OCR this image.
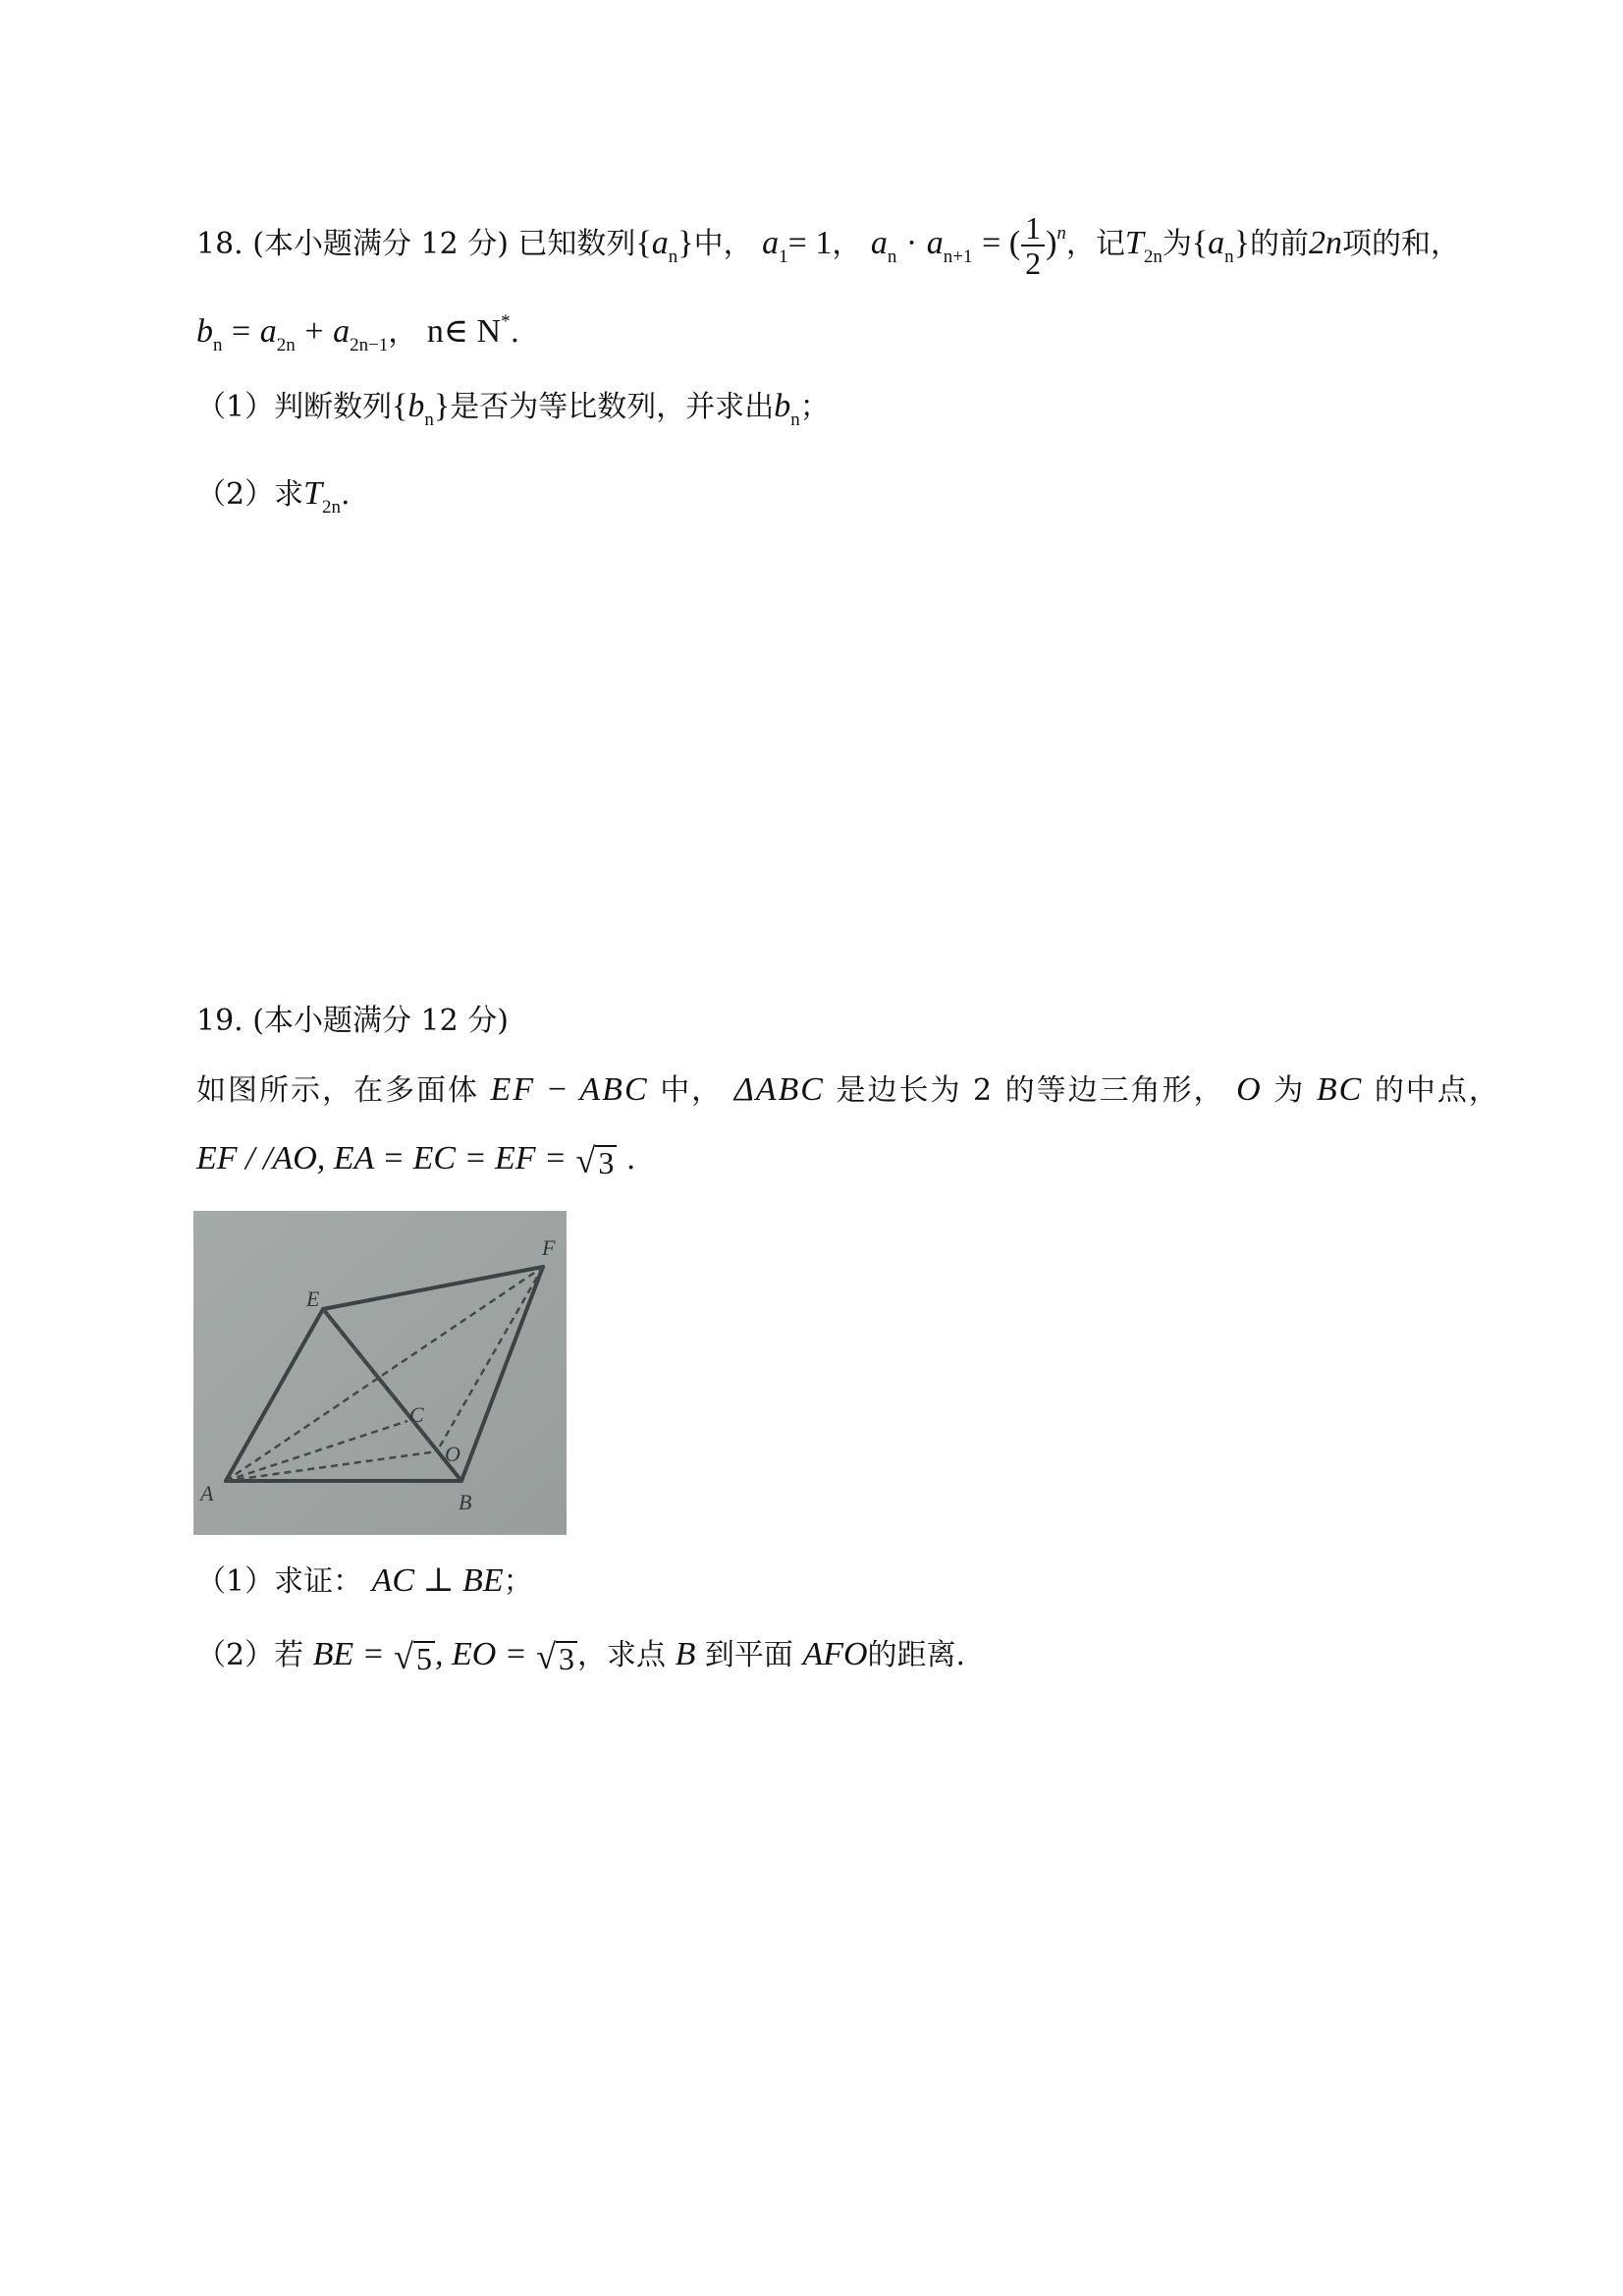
18. (本小题满分 12 分) 已知数列$\{a_n\}$中， $a_1= 1$， $a_n \cdot a_{n+1}$ = ( $\frac{1}{2} )^n$，记$T_{2n}$为$\{a_n\}$的前2n项的和，
$b_n = a_{2n} + a_{2n-1}$， n∈ N*.
（1）判断数列$\{b_n\}$是否为等比数列，并求出$b_n$；
（2）求$T_{2n}$.
19. (本小题满分 12 分)
如图所示，在多面体 EF − ABC 中， ΔABC 是边长为 2 的等边三角形， O 为 BC 的中点，
EF / /AO, EA = EC = EF = √ 3 .
E
F
A	B
C
O
（1）求证： AC ⊥ BE；
（2）若 BE = √ 5 , EO = √ 3 ，求点 B 到平面 AFO的距离.
